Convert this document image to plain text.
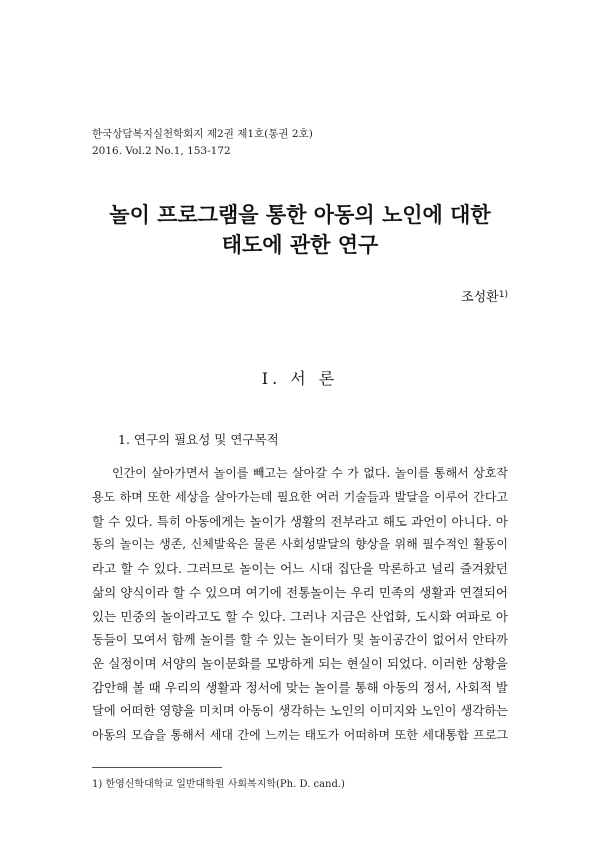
한국상담복지실천학회지 제2권 제1호(통권 2호)
2016. Vol.2 No.1, 153-172
놀이 프로그램을 통한 아동의 노인에 대한
태도에 관한 연구
조성환$^{1)}$
Ⅰ. 서 론
1. 연구의 필요성 및 연구목적
인간이 살아가면서 놀이를 빼고는 살아갈 수 가 없다. 놀이를 통해서 상호작
용도 하며 또한 세상을 살아가는데 필요한 여러 기술들과 발달을 이루어 간다고
할 수 있다. 특히 아동에게는 놀이가 생활의 전부라고 해도 과언이 아니다. 아
동의 놀이는 생존, 신체발육은 물론 사회성발달의 향상을 위해 필수적인 활동이
라고 할 수 있다. 그러므로 놀이는 어느 시대 집단을 막론하고 널리 즐겨왔던
삶의 양식이라 할 수 있으며 여기에 전통놀이는 우리 민족의 생활과 연결되어
있는 민중의 놀이라고도 할 수 있다. 그러나 지금은 산업화, 도시화 여파로 아
동들이 모여서 함께 놀이를 할 수 있는 놀이터가 및 놀이공간이 없어서 안타까
운 실정이며 서양의 놀이문화를 모방하게 되는 현실이 되었다. 이러한 상황을
감안해 볼 때 우리의 생활과 정서에 맞는 놀이를 통해 아동의 정서, 사회적 발
달에 어떠한 영향을 미치며 아동이 생각하는 노인의 이미지와 노인이 생각하는
아동의 모습을 통해서 세대 간에 느끼는 태도가 어떠하며 또한 세대통합 프로그
1) 한영신학대학교 일반대학원 사회복지학(Ph. D. cand.)
